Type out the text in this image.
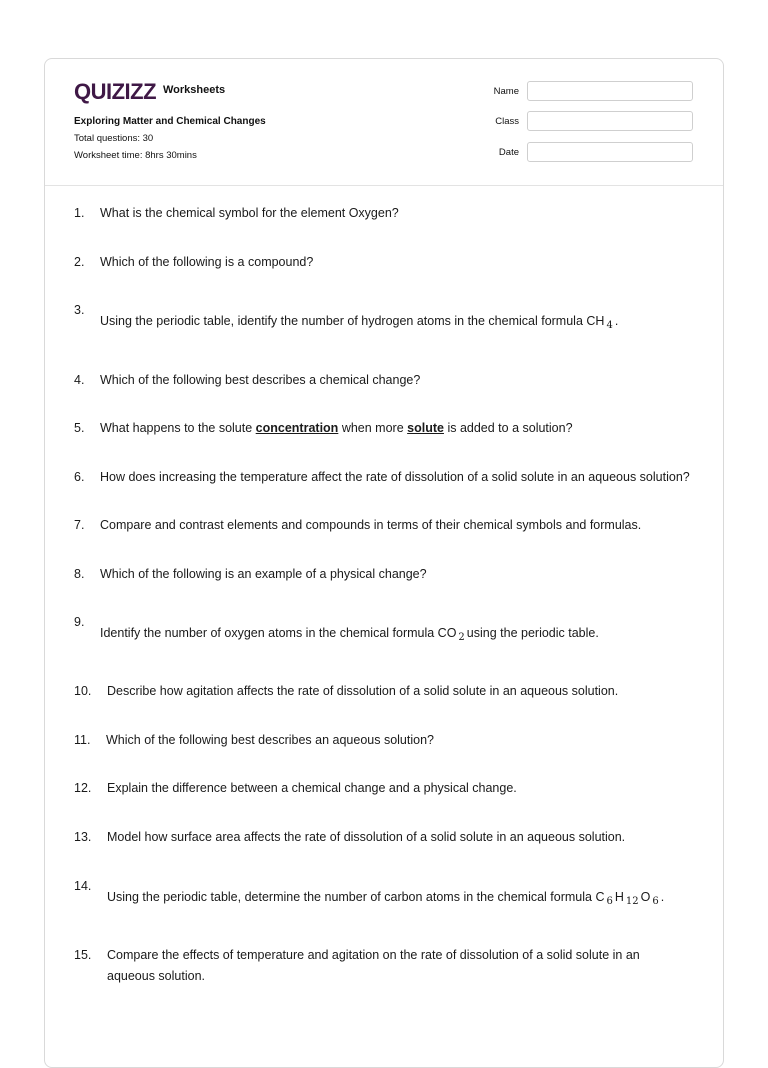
QUIZIZZ Worksheets
Exploring Matter and Chemical Changes
Total questions: 30
Worksheet time: 8hrs 30mins
Name
Class
Date
1. What is the chemical symbol for the element Oxygen?
2. Which of the following is a compound?
3.
Using the periodic table, identify the number of hydrogen atoms in the chemical formula CH $_4$ .
4. Which of the following best describes a chemical change?
5. What happens to the solute concentration when more solute is added to a solution?
6. How does increasing the temperature affect the rate of dissolution of a solid solute in an aqueous solution?
7. Compare and contrast elements and compounds in terms of their chemical symbols and formulas.
8. Which of the following is an example of a physical change?
9.
Identify the number of oxygen atoms in the chemical formula CO $_2$ using the periodic table.
10. Describe how agitation affects the rate of dissolution of a solid solute in an aqueous solution.
11. Which of the following best describes an aqueous solution?
12. Explain the difference between a chemical change and a physical change.
13. Model how surface area affects the rate of dissolution of a solid solute in an aqueous solution.
14.
Using the periodic table, determine the number of carbon atoms in the chemical formula C $_6$ H $_{12}$ O $_6$ .
15. Compare the effects of temperature and agitation on the rate of dissolution of a solid solute in an
aqueous solution.
